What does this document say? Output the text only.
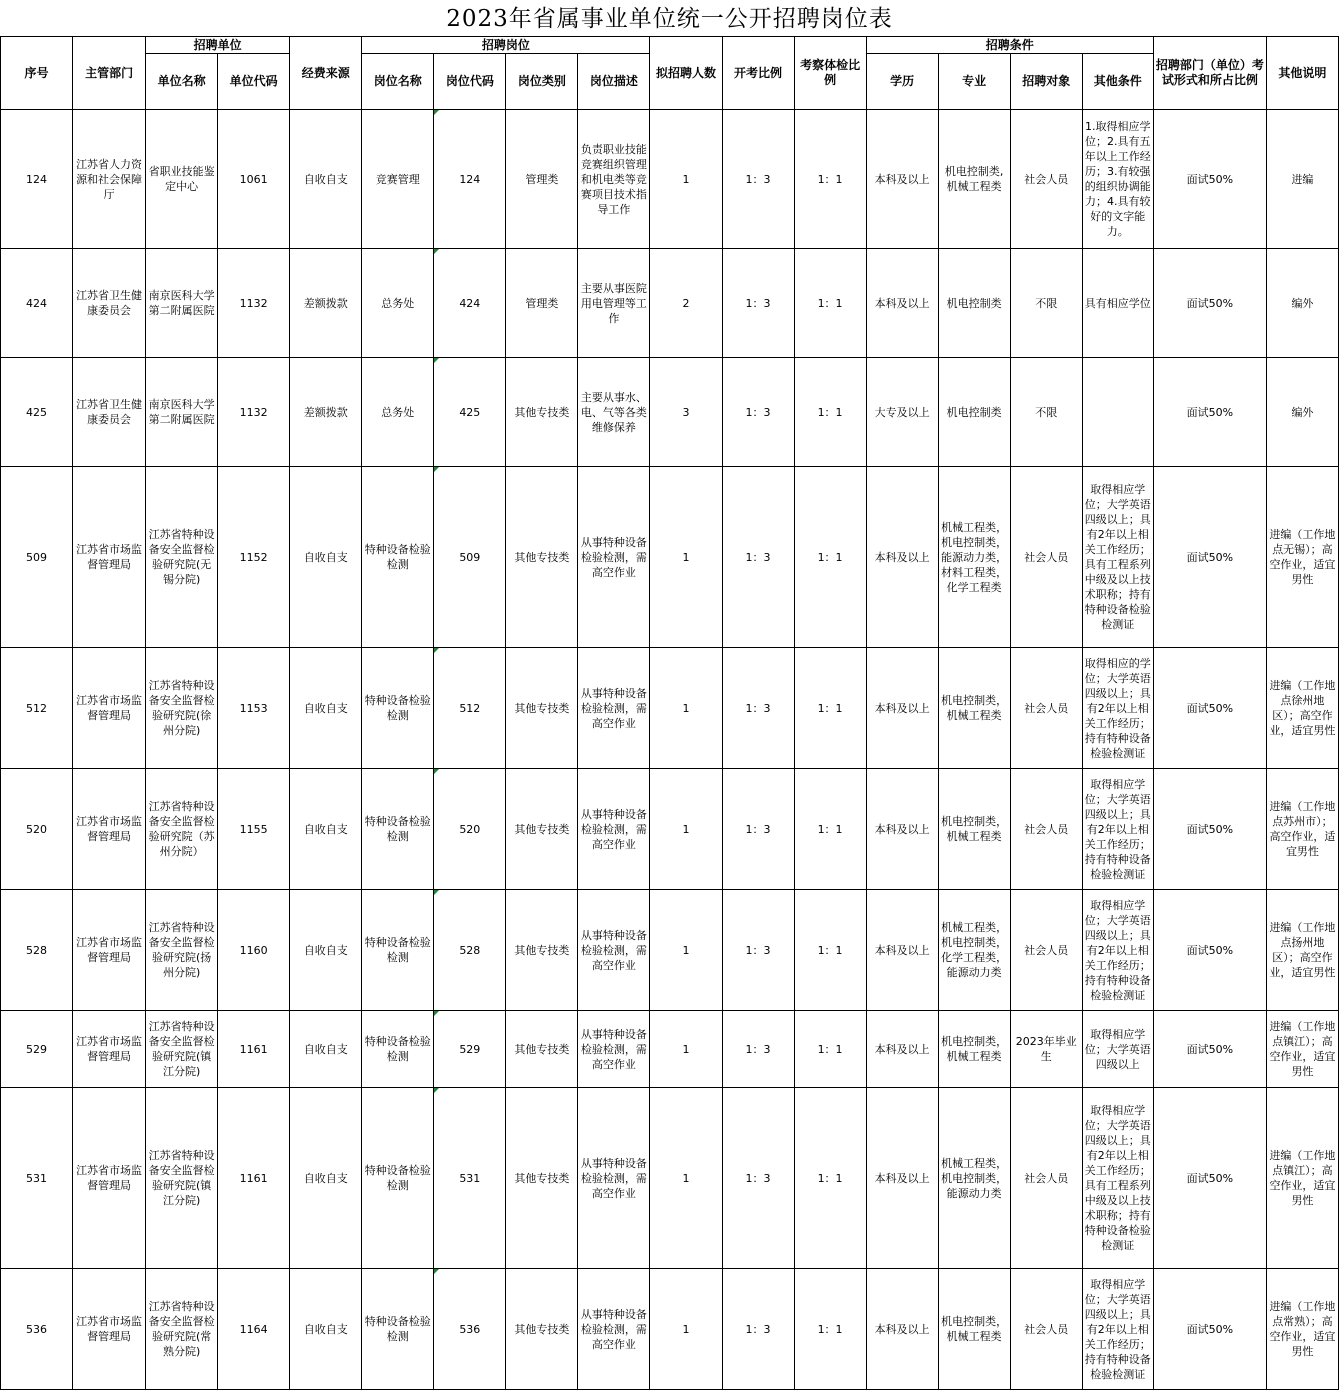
2023年省属事业单位统一公开招聘岗位表
序号	主管部门	招聘单位		经费来源	招聘岗位				拟招聘人数	开考比例	考察体检比例	招聘条件				招聘部门（单位）考试形式和所占比例	其他说明
		单位名称	单位代码		岗位名称	岗位代码	岗位类别	岗位描述				学历	专业	招聘对象	其他条件		
124	江苏省人力资源和社会保障厅	省职业技能鉴定中心	1061	自收自支	竞赛管理	124	管理类	负责职业技能竞赛组织管理和机电类等竞赛项目技术指导工作	1	1：3	1：1	本科及以上	机电控制类,机械工程类	社会人员	1.取得相应学位；2.具有五年以上工作经历；3.有较强的组织协调能力；4.具有较好的文字能力。	面试50%	进编
424	江苏省卫生健康委员会	南京医科大学第二附属医院	1132	差额拨款	总务处	424	管理类	主要从事医院用电管理等工作	2	1：3	1：1	本科及以上	机电控制类	不限	具有相应学位	面试50%	编外
425	江苏省卫生健康委员会	南京医科大学第二附属医院	1132	差额拨款	总务处	425	其他专技类	主要从事水、电、气等各类维修保养	3	1：3	1：1	大专及以上	机电控制类	不限		面试50%	编外
509	江苏省市场监督管理局	江苏省特种设备安全监督检验研究院(无锡分院)	1152	自收自支	特种设备检验检测	509	其他专技类	从事特种设备检验检测，需高空作业	1	1：3	1：1	本科及以上	机械工程类，机电控制类，能源动力类，材料工程类，化学工程类	社会人员	取得相应学位；大学英语四级以上；具有2年以上相关工作经历；具有工程系列中级及以上技术职称；持有特种设备检验检测证	面试50%	进编（工作地点无锡）；高空作业，适宜男性
512	江苏省市场监督管理局	江苏省特种设备安全监督检验研究院(徐州分院)	1153	自收自支	特种设备检验检测	512	其他专技类	从事特种设备检验检测，需高空作业	1	1：3	1：1	本科及以上	机电控制类，机械工程类	社会人员	取得相应的学位；大学英语四级以上；具有2年以上相关工作经历；持有特种设备检验检测证	面试50%	进编（工作地点徐州地区）；高空作业，适宜男性
520	江苏省市场监督管理局	江苏省特种设备安全监督检验研究院（苏州分院）	1155	自收自支	特种设备检验检测	520	其他专技类	从事特种设备检验检测，需高空作业	1	1：3	1：1	本科及以上	机电控制类，机械工程类	社会人员	取得相应学位；大学英语四级以上；具有2年以上相关工作经历；持有特种设备检验检测证	面试50%	进编（工作地点苏州市）；高空作业，适宜男性
528	江苏省市场监督管理局	江苏省特种设备安全监督检验研究院(扬州分院)	1160	自收自支	特种设备检验检测	528	其他专技类	从事特种设备检验检测，需高空作业	1	1：3	1：1	本科及以上	机械工程类，机电控制类，化学工程类，能源动力类	社会人员	取得相应学位；大学英语四级以上；具有2年以上相关工作经历；持有特种设备检验检测证	面试50%	进编（工作地点扬州地区）；高空作业，适宜男性
529	江苏省市场监督管理局	江苏省特种设备安全监督检验研究院(镇江分院)	1161	自收自支	特种设备检验检测	529	其他专技类	从事特种设备检验检测，需高空作业	1	1：3	1：1	本科及以上	机电控制类，机械工程类	2023年毕业生	取得相应学位；大学英语四级以上	面试50%	进编（工作地点镇江）；高空作业，适宜男性
531	江苏省市场监督管理局	江苏省特种设备安全监督检验研究院(镇江分院)	1161	自收自支	特种设备检验检测	531	其他专技类	从事特种设备检验检测，需高空作业	1	1：3	1：1	本科及以上	机械工程类，机电控制类，能源动力类	社会人员	取得相应学位；大学英语四级以上；具有2年以上相关工作经历；具有工程系列中级及以上技术职称；持有特种设备检验检测证	面试50%	进编（工作地点镇江）；高空作业，适宜男性
536	江苏省市场监督管理局	江苏省特种设备安全监督检验研究院(常熟分院)	1164	自收自支	特种设备检验检测	536	其他专技类	从事特种设备检验检测，需高空作业	1	1：3	1：1	本科及以上	机电控制类，机械工程类	社会人员	取得相应学位；大学英语四级以上；具有2年以上相关工作经历；持有特种设备检验检测证	面试50%	进编（工作地点常熟）；高空作业，适宜男性
